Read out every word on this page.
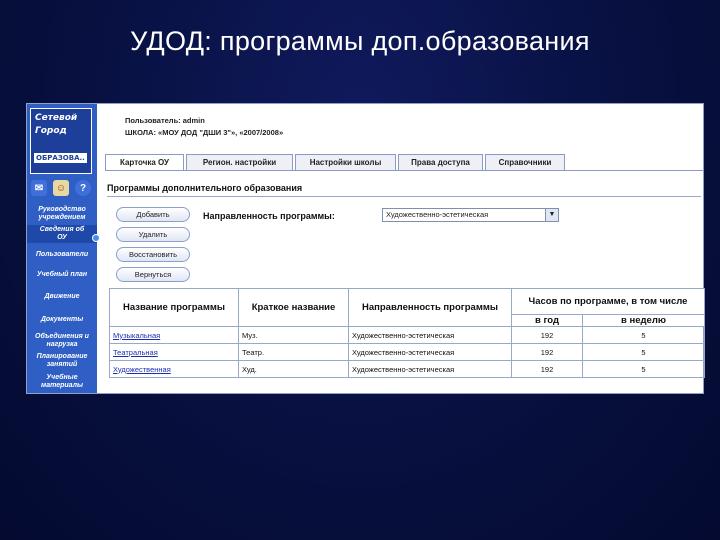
УДОД: программы доп.образования
Сетевой
Город
ОБРАЗОВА..
✉	☺	?
Руководство учреждением
Сведения об ОУ
Пользователи
Учебный план
Движение
Документы
Объединения и нагрузка
Планирование занятий
Учебные материалы
Пользователь: admin
ШКОЛА: «МОУ ДОД "ДШИ 3"», «2007/2008»
Карточка ОУ	Регион. настройки	Настройки школы	Права доступа	Справочники
Программы дополнительного образования
Добавить
Удалить
Восстановить
Вернуться
Направленность программы:	Художественно-эстетическая	▼
Название программы	Краткое название	Направленность программы
Часов по программе, в том числе
в год	в неделю
Музыкальная	Муз.	Художественно-эстетическая	192	5
Театральная	Театр.	Художественно-эстетическая	192	5
Художественная	Худ.	Художественно-эстетическая	192	5
